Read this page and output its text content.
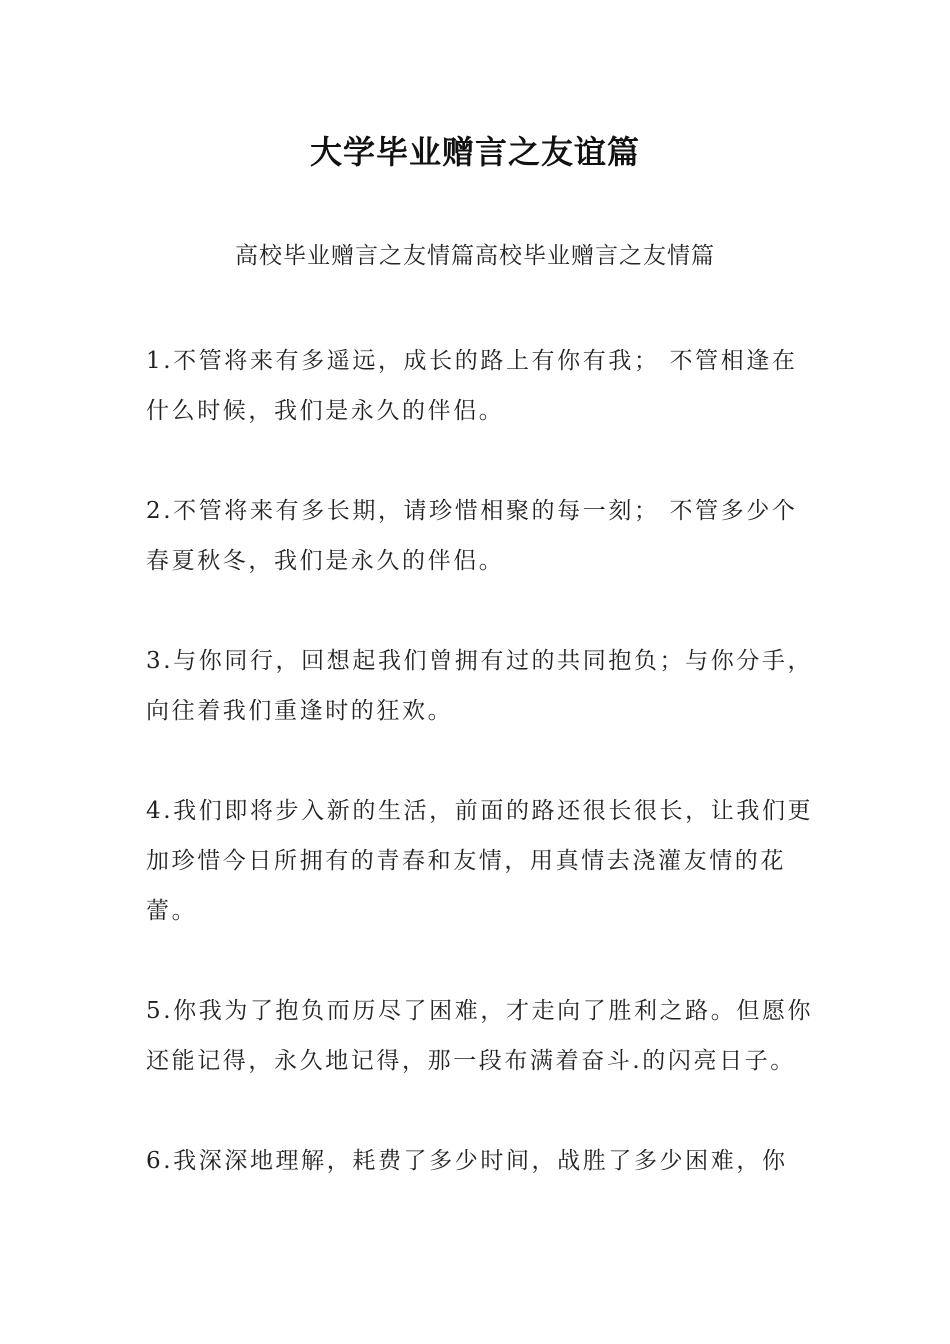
大学毕业赠言之友谊篇
高校毕业赠言之友情篇高校毕业赠言之友情篇

1.不管将来有多遥远，成长的路上有你有我； 不管相逢在什么时候，我们是永久的伴侣。

2.不管将来有多长期，请珍惜相聚的每一刻； 不管多少个春夏秋冬，我们是永久的伴侣。

3.与你同行，回想起我们曾拥有过的共同抱负；与你分手，向往着我们重逢时的狂欢。

4.我们即将步入新的生活，前面的路还很长很长，让我们更加珍惜今日所拥有的青春和友情，用真情去浇灌友情的花蕾。

5.你我为了抱负而历尽了困难，才走向了胜利之路。但愿你还能记得，永久地记得，那一段布满着奋斗.的闪亮日子。

6.我深深地理解，耗费了多少时间，战胜了多少困难，你
